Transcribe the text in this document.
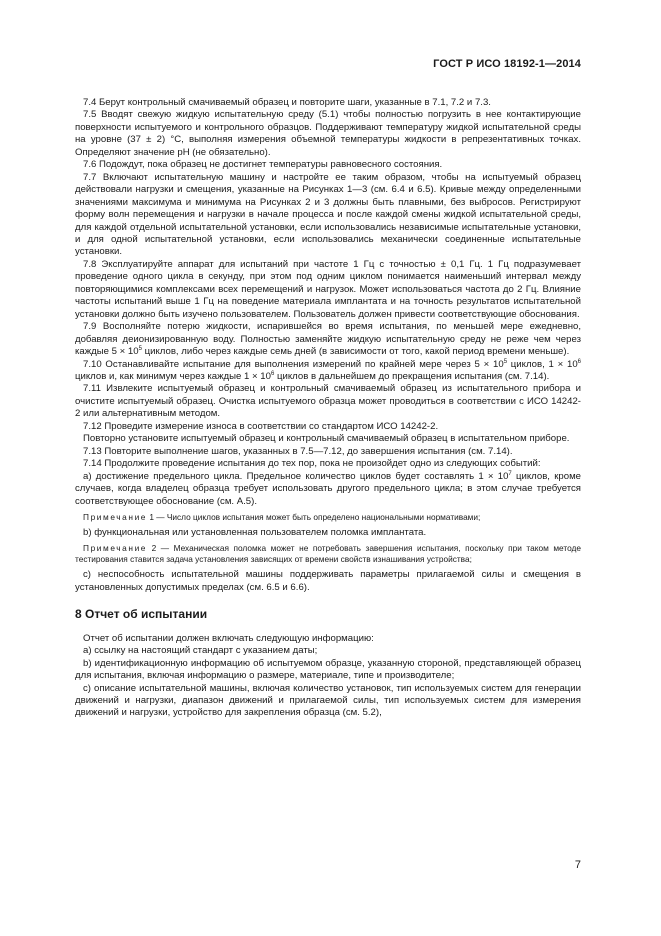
ГОСТ Р ИСО 18192-1—2014

7.4 Берут контрольный смачиваемый образец и повторите шаги, указанные в 7.1, 7.2 и 7.3.

7.5 Вводят свежую жидкую испытательную среду (5.1) чтобы полностью погрузить в нее контактирующие поверхности испытуемого и контрольного образцов. Поддерживают температуру жидкой испытательной среды на уровне (37 ± 2) °С, выполняя измерения объемной температуры жидкости в репрезентативных точках. Определяют значение pH (не обязательно).

7.6 Подождут, пока образец не достигнет температуры равновесного состояния.

7.7 Включают испытательную машину и настройте ее таким образом, чтобы на испытуемый образец действовали нагрузки и смещения, указанные на Рисунках 1—3 (см. 6.4 и 6.5). Кривые между определенными значениями максимума и минимума на Рисунках 2 и 3 должны быть плавными, без выбросов. Регистрируют форму волн перемещения и нагрузки в начале процесса и после каждой смены жидкой испытательной среды, для каждой отдельной испытательной установки, если использовались независимые испытательные установки, и для одной испытательной установки, если использовались механически соединенные испытательные установки.

7.8 Эксплуатируйте аппарат для испытаний при частоте 1 Гц с точностью ± 0,1 Гц. 1 Гц подразумевает проведение одного цикла в секунду, при этом под одним циклом понимается наименьший интервал между повторяющимися комплексами всех перемещений и нагрузок. Может использоваться частота до 2 Гц. Влияние частоты испытаний выше 1 Гц на поведение материала имплантата и на точность результатов испытательной установки должно быть изучено пользователем. Пользователь должен привести соответствующие обоснования.

7.9 Восполняйте потерю жидкости, испарившейся во время испытания, по меньшей мере ежедневно, добавляя деионизированную воду. Полностью заменяйте жидкую испытательную среду не реже чем через каждые $5 \times 10^5$ циклов, либо через каждые семь дней (в зависимости от того, какой период времени меньше).

7.10 Останавливайте испытание для выполнения измерений по крайней мере через $5 \times 10^5$ циклов, $1 \times 10^6$ циклов и, как минимум через каждые $1 \times 10^6$ циклов в дальнейшем до прекращения испытания (см. 7.14).

7.11 Извлеките испытуемый образец и контрольный смачиваемый образец из испытательного прибора и очистите испытуемый образец. Очистка испытуемого образца может проводиться в соответствии с ИСО 14242-2 или альтернативным методом.

7.12 Проведите измерение износа в соответствии со стандартом ИСО 14242-2.

Повторно установите испытуемый образец и контрольный смачиваемый образец в испытательном приборе.

7.13 Повторите выполнение шагов, указанных в 7.5—7.12, до завершения испытания (см. 7.14).

7.14 Продолжите проведение испытания до тех пор, пока не произойдет одно из следующих событий:

a) достижение предельного цикла. Предельное количество циклов будет составлять $1 \times 10^7$ циклов, кроме случаев, когда владелец образца требует использовать другого предельного цикла; в этом случае требуется соответствующее обоснование (см. А.5).

Примечание 1 — Число циклов испытания может быть определено национальными нормативами;

b) функциональная или установленная пользователем поломка имплантата.

Примечание 2 — Механическая поломка может не потребовать завершения испытания, поскольку при таком методе тестирования ставится задача установления зависящих от времени свойств изнашивания устройства;

c) неспособность испытательной машины поддерживать параметры прилагаемой силы и смещения в установленных допустимых пределах (см. 6.5 и 6.6).

8 Отчет об испытании

Отчет об испытании должен включать следующую информацию:

a) ссылку на настоящий стандарт с указанием даты;

b) идентификационную информацию об испытуемом образце, указанную стороной, представляющей образец для испытания, включая информацию о размере, материале, типе и производителе;

c) описание испытательной машины, включая количество установок, тип используемых систем для генерации движений и нагрузки, диапазон движений и прилагаемой силы, тип используемых систем для измерения движений и нагрузки, устройство для закрепления образца (см. 5.2),

7
